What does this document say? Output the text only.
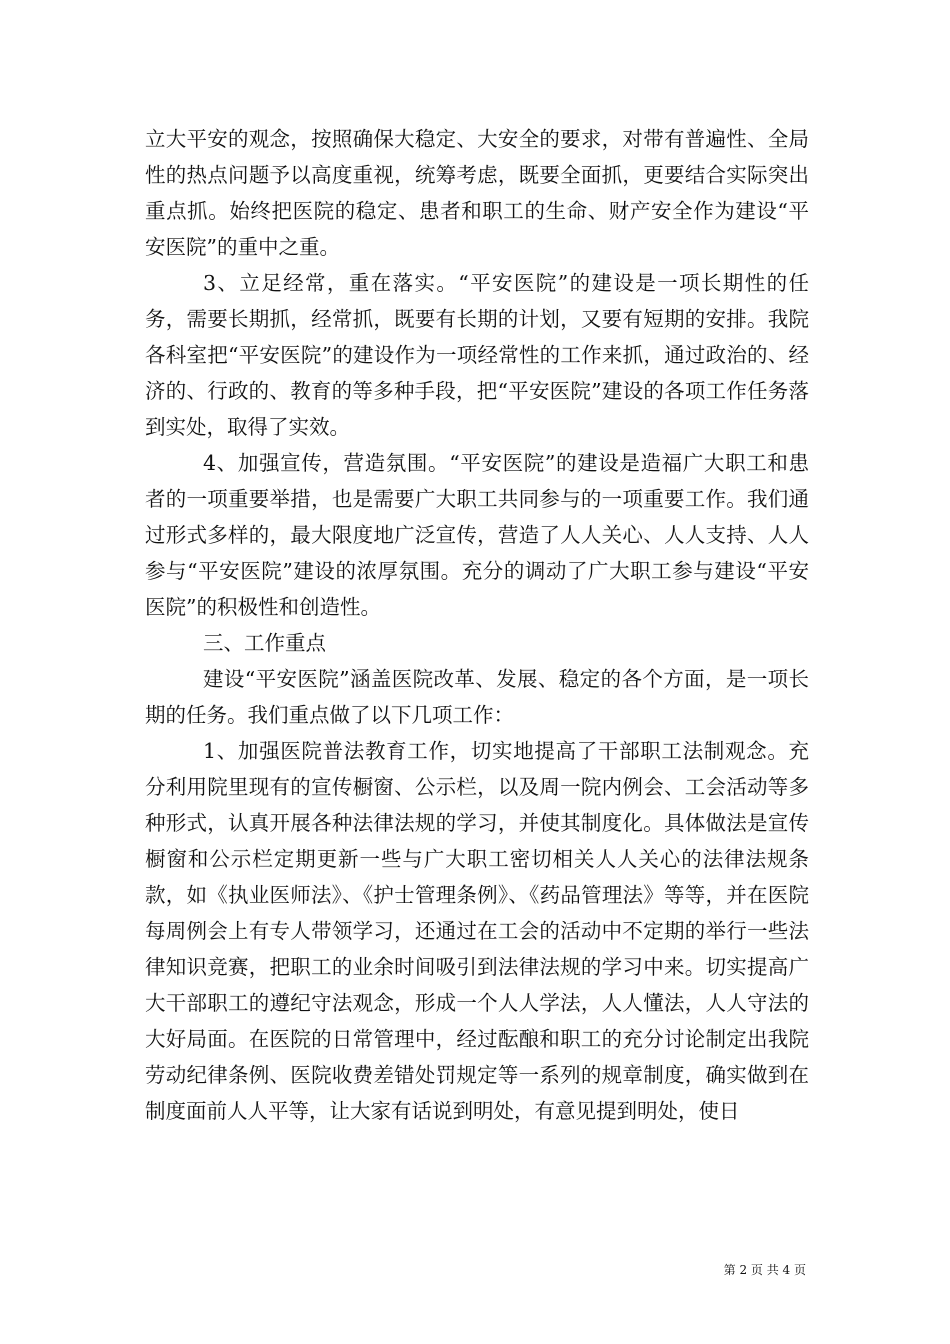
立大平安的观念，按照确保大稳定、大安全的要求，对带有普遍性、全局性的热点问题予以高度重视，统筹考虑，既要全面抓，更要结合实际突出重点抓。始终把医院的稳定、患者和职工的生命、财产安全作为建设“平安医院”的重中之重。

3、立足经常，重在落实。“平安医院”的建设是一项长期性的任务，需要长期抓，经常抓，既要有长期的计划，又要有短期的安排。我院各科室把“平安医院”的建设作为一项经常性的工作来抓，通过政治的、经济的、行政的、教育的等多种手段，把“平安医院”建设的各项工作任务落到实处，取得了实效。

4、加强宣传，营造氛围。“平安医院”的建设是造福广大职工和患者的一项重要举措，也是需要广大职工共同参与的一项重要工作。我们通过形式多样的，最大限度地广泛宣传，营造了人人关心、人人支持、人人参与“平安医院”建设的浓厚氛围。充分的调动了广大职工参与建设“平安医院”的积极性和创造性。

三、工作重点

建设“平安医院”涵盖医院改革、发展、稳定的各个方面，是一项长期的任务。我们重点做了以下几项工作：

1、加强医院普法教育工作，切实地提高了干部职工法制观念。充分利用院里现有的宣传橱窗、公示栏，以及周一院内例会、工会活动等多种形式，认真开展各种法律法规的学习，并使其制度化。具体做法是宣传橱窗和公示栏定期更新一些与广大职工密切相关人人关心的法律法规条款，如《执业医师法》、《护士管理条例》、《药品管理法》等等，并在医院每周例会上有专人带领学习，还通过在工会的活动中不定期的举行一些法律知识竞赛，把职工的业余时间吸引到法律法规的学习中来。切实提高广大干部职工的遵纪守法观念，形成一个人人学法，人人懂法，人人守法的大好局面。在医院的日常管理中，经过酝酿和职工的充分讨论制定出我院劳动纪律条例、医院收费差错处罚规定等一系列的规章制度，确实做到在制度面前人人平等，让大家有话说到明处，有意见提到明处，使日

第 2 页 共 4 页
